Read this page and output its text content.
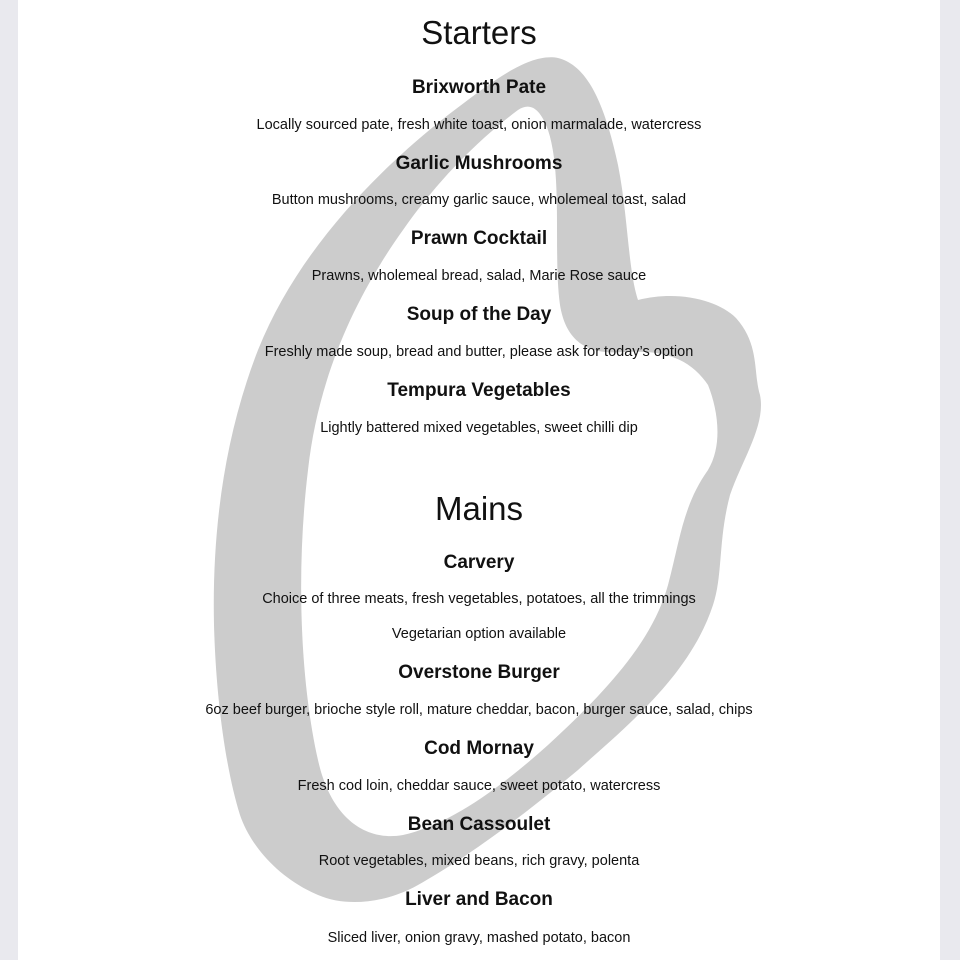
Starters
Brixworth Pate
Locally sourced pate, fresh white toast, onion marmalade, watercress
Garlic Mushrooms
Button mushrooms, creamy garlic sauce, wholemeal toast, salad
Prawn Cocktail
Prawns, wholemeal bread, salad, Marie Rose sauce
Soup of the Day
Freshly made soup, bread and butter, please ask for today’s option
Tempura Vegetables
Lightly battered mixed vegetables, sweet chilli dip
Mains
Carvery
Choice of three meats, fresh vegetables, potatoes, all the trimmings
Vegetarian option available
Overstone Burger
6oz beef burger, brioche style roll, mature cheddar, bacon, burger sauce, salad, chips
Cod Mornay
Fresh cod loin, cheddar sauce, sweet potato, watercress
Bean Cassoulet
Root vegetables, mixed beans, rich gravy, polenta
Liver and Bacon
Sliced liver, onion gravy, mashed potato, bacon
